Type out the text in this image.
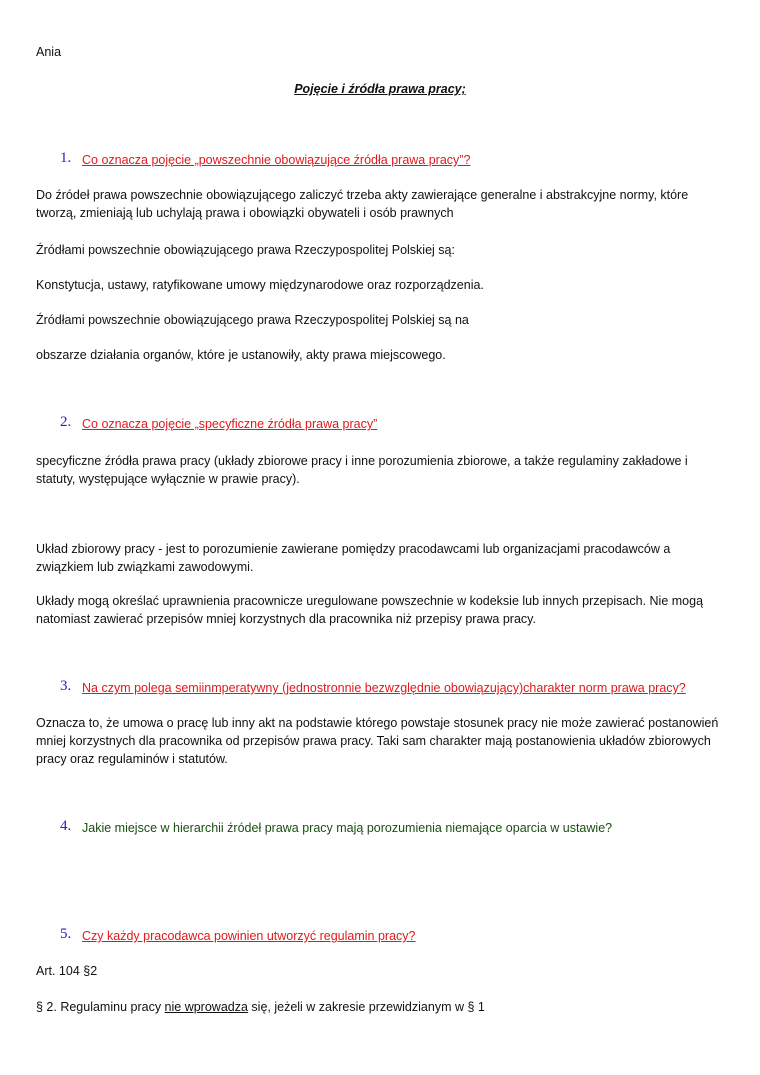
Ania
Pojęcie i źródła prawa pracy;
1. Co oznacza pojęcie „powszechnie obowiązujące źródła prawa pracy”?
Do źródeł prawa powszechnie obowiązującego zaliczyć trzeba akty zawierające generalne i abstrakcyjne normy, które tworzą, zmieniają lub uchylają prawa i obowiązki obywateli i osób prawnych
Źródłami powszechnie obowiązującego prawa Rzeczypospolitej Polskiej są:
Konstytucja, ustawy, ratyfikowane umowy międzynarodowe oraz rozporządzenia.
Źródłami powszechnie obowiązującego prawa Rzeczypospolitej Polskiej są na
obszarze działania organów, które je ustanowiły, akty prawa miejscowego.
2. Co oznacza pojęcie „specyficzne źródła prawa pracy”
specyficzne źródła prawa pracy (układy zbiorowe pracy i inne porozumienia zbiorowe, a także regulaminy zakładowe i statuty, występujące wyłącznie w prawie pracy).
Układ zbiorowy pracy - jest to porozumienie zawierane pomiędzy pracodawcami lub organizacjami pracodawców a związkiem lub związkami zawodowymi.
Układy mogą określać uprawnienia pracownicze uregulowane powszechnie w kodeksie lub innych przepisach. Nie mogą natomiast zawierać przepisów mniej korzystnych dla pracownika niż przepisy prawa pracy.
3. Na czym polega semiinmperatywny (jednostronnie bezwzględnie obowiązujący)charakter norm prawa pracy?
Oznacza to, że umowa o pracę lub inny akt na podstawie którego powstaje stosunek pracy nie może zawierać postanowień mniej korzystnych dla pracownika od przepisów prawa pracy. Taki sam charakter mają postanowienia układów zbiorowych pracy oraz regulaminów i statutów.
4. Jakie miejsce w hierarchii źródeł prawa pracy mają porozumienia niemające oparcia w ustawie?
5. Czy każdy pracodawca powinien utworzyć regulamin pracy?
Art. 104 §2
§ 2. Regulaminu pracy nie wprowadza się, jeżeli w zakresie przewidzianym w § 1
